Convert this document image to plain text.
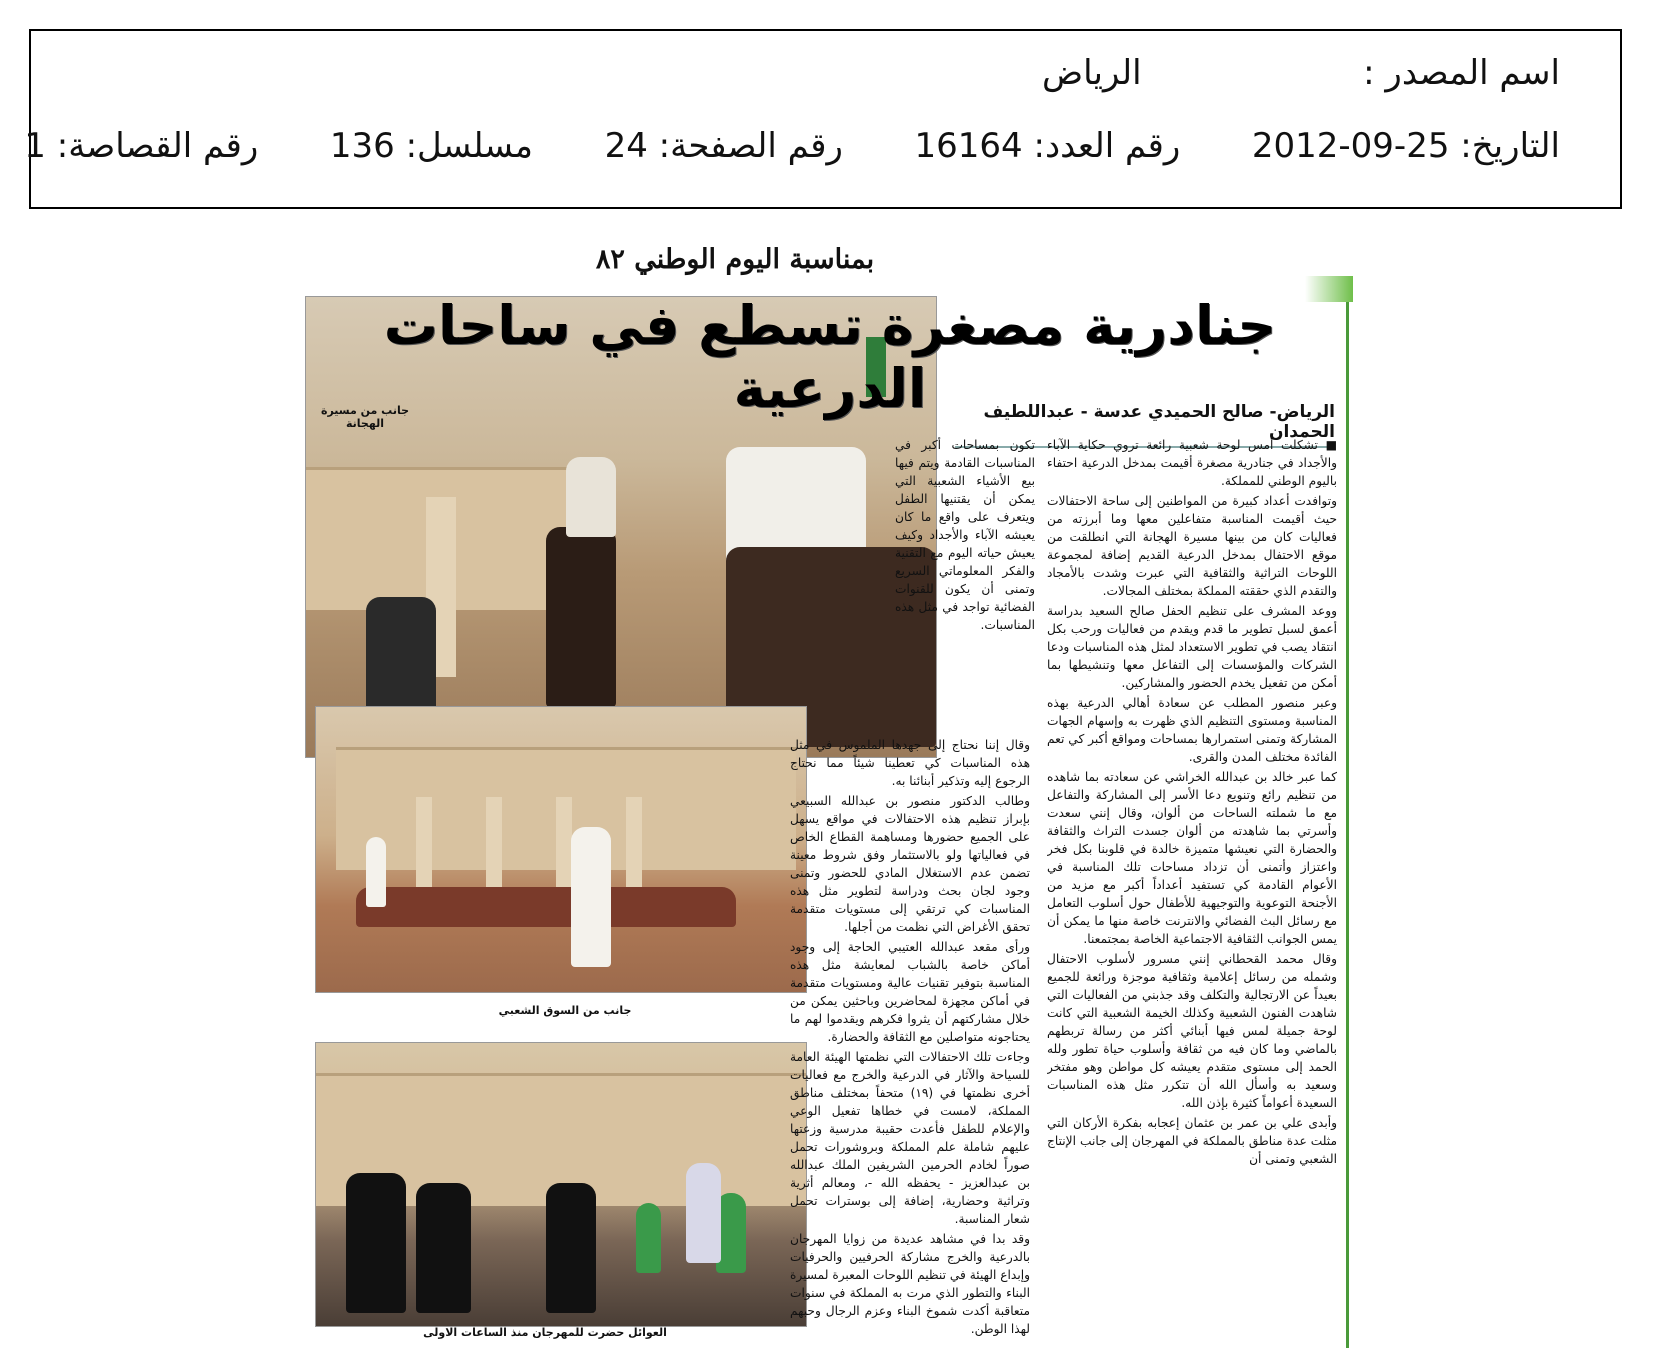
اسم المصدر :  الرياض
التاريخ: 2012-09-25  رقم العدد: 16164  رقم الصفحة: 24  مسلسل: 136  رقم القصاصة: 1
بمناسبة اليوم الوطني ٨٢
جانب من مسيرة الهجانة
جنادرية مصغرة تسطع في ساحات الدرعية	الرياض- صالح الحميدي عدسة - عبداللطيف الحمدان
جانب من السوق الشعبي
العوائل حضرت للمهرجان منذ الساعات الاولى

■ تشكلت أمس لوحة شعبية رائعة تروي حكاية الآباء والأجداد في جنادرية مصغرة أقيمت بمدخل الدرعية احتفاء باليوم الوطني للمملكة.

وتوافدت أعداد كبيرة من المواطنين إلى ساحة الاحتفالات حيث أقيمت المناسبة متفاعلين معها وما أبرزته من فعاليات كان من بينها مسيرة الهجانة التي انطلقت من موقع الاحتفال بمدخل الدرعية القديم إضافة لمجموعة اللوحات التراثية والثقافية التي عبرت وشدت بالأمجاد والتقدم الذي حققته المملكة بمختلف المجالات.

ووعد المشرف على تنظيم الحفل صالح السعيد بدراسة أعمق لسبل تطوير ما قدم ويقدم من فعاليات ورحب بكل انتقاد يصب في تطوير الاستعداد لمثل هذه المناسبات ودعا الشركات والمؤسسات إلى التفاعل معها وتنشيطها بما أمكن من تفعيل يخدم الحضور والمشاركين.

وعبر منصور المطلب عن سعادة أهالي الدرعية بهذه المناسبة ومستوى التنظيم الذي ظهرت به وإسهام الجهات المشاركة وتمنى استمرارها بمساحات ومواقع أكبر كي تعم الفائدة مختلف المدن والقرى.

كما عبر خالد بن عبدالله الخراشي عن سعادته بما شاهده من تنظيم رائع وتنويع دعا الأسر إلى المشاركة والتفاعل مع ما شملته الساحات من ألوان، وقال إنني سعدت وأسرتي بما شاهدته من ألوان جسدت التراث والثقافة والحضارة التي نعيشها متميزة خالدة في قلوبنا بكل فخر واعتزاز وأتمنى أن تزداد مساحات تلك المناسبة في الأعوام القادمة كي تستفيد أعداداً أكبر مع مزيد من الأجنحة التوعوية والتوجيهية للأطفال حول أسلوب التعامل مع رسائل البث الفضائي والانترنت خاصة منها ما يمكن أن يمس الجوانب الثقافية الاجتماعية الخاصة بمجتمعنا.

وقال محمد القحطاني إنني مسرور لأسلوب الاحتفال وشمله من رسائل إعلامية وثقافية موجزة ورائعة للجميع بعيداً عن الارتجالية والتكلف وقد جذبني من الفعاليات التي شاهدت الفنون الشعبية وكذلك الخيمة الشعبية التي كانت لوحة جميلة لمس فيها أبنائي أكثر من رسالة تربطهم بالماضي وما كان فيه من ثقافة وأسلوب حياة تطور ولله الحمد إلى مستوى متقدم يعيشه كل مواطن وهو مفتخر وسعيد به وأسأل الله أن تتكرر مثل هذه المناسبات السعيدة أعواماً كثيرة بإذن الله.

وأبدى علي بن عمر بن عثمان إعجابه بفكرة الأركان التي مثلت عدة مناطق بالمملكة في المهرجان إلى جانب الإنتاج الشعبي وتمنى أن

تكون بمساحات أكبر في المناسبات القادمة ويتم فيها بيع الأشياء الشعبية التي يمكن أن يقتنيها الطفل ويتعرف على واقع ما كان يعيشه الآباء والأجداد وكيف يعيش حياته اليوم مع التقنية والفكر المعلوماتي السريع وتمنى أن يكون للقنوات الفضائية تواجد في مثل هذه المناسبات.

وقال إننا نحتاج إلى جهدها الملموس في مثل هذه المناسبات كي تعطينا شيئاً مما نحتاج الرجوع إليه وتذكير أبنائنا به.

وطالب الدكتور منصور بن عبدالله السبيعي بإبراز تنظيم هذه الاحتفالات في مواقع يسهل على الجميع حضورها ومساهمة القطاع الخاص في فعالياتها ولو بالاستثمار وفق شروط معينة تضمن عدم الاستغلال المادي للحضور وتمنى وجود لجان بحث ودراسة لتطوير مثل هذه المناسبات كي ترتقي إلى مستويات متقدمة تحقق الأغراض التي نظمت من أجلها.

ورأى مقعد عبدالله العتيبي الحاجة إلى وجود أماكن خاصة بالشباب لمعايشة مثل هذه المناسبة بتوفير تقنيات عالية ومستويات متقدمة في أماكن مجهزة لمحاضرين وباحثين يمكن من خلال مشاركتهم أن يثروا فكرهم ويقدموا لهم ما يحتاجونه متواصلين مع الثقافة والحضارة.

وجاءت تلك الاحتفالات التي نظمتها الهيئة العامة للسياحة والآثار في الدرعية والخرج مع فعاليات أخرى نظمتها في (١٩) متحفاً بمختلف مناطق المملكة، لامست في خطاها تفعيل الوعي والإعلام للطفل فأعدت حقيبة مدرسية وزعتها عليهم شاملة علم المملكة وبروشورات تحمل صوراً لخادم الحرمين الشريفين الملك عبدالله بن عبدالعزيز - يحفظه الله -، ومعالم أثرية وتراثية وحضارية، إضافة إلى بوسترات تحمل شعار المناسبة.

وقد بدا في مشاهد عديدة من زوايا المهرجان بالدرعية والخرج مشاركة الحرفيين والحرفيات وإبداع الهيئة في تنظيم اللوحات المعبرة لمسيرة البناء والتطور الذي مرت به المملكة في سنوات متعاقبة أكدت شموخ البناء وعزم الرجال وحبهم لهذا الوطن.
